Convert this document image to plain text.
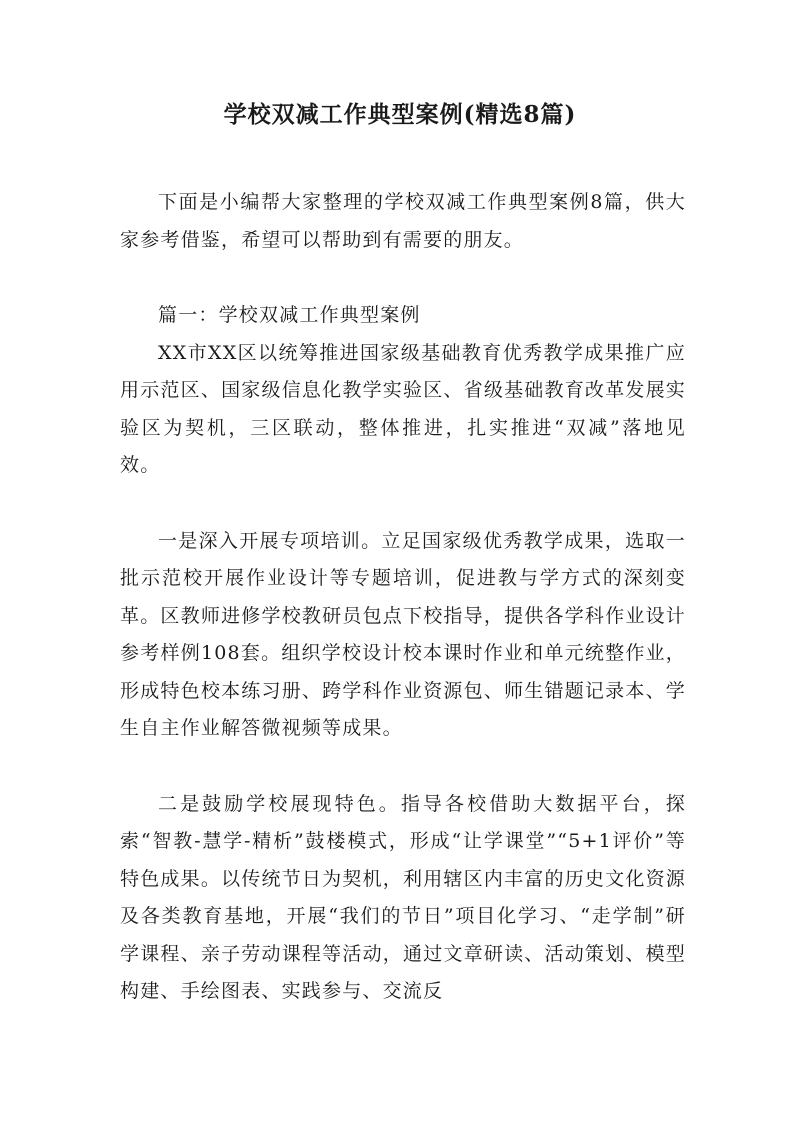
学校双减工作典型案例(精选8篇)

下面是小编帮大家整理的学校双减工作典型案例8篇，供大家参考借鉴，希望可以帮助到有需要的朋友。

篇一：学校双减工作典型案例

XX市XX区以统筹推进国家级基础教育优秀教学成果推广应用示范区、国家级信息化教学实验区、省级基础教育改革发展实验区为契机，三区联动，整体推进，扎实推进“双减”落地见效。

一是深入开展专项培训。立足国家级优秀教学成果，选取一批示范校开展作业设计等专题培训，促进教与学方式的深刻变革。区教师进修学校教研员包点下校指导，提供各学科作业设计参考样例108套。组织学校设计校本课时作业和单元统整作业，形成特色校本练习册、跨学科作业资源包、师生错题记录本、学生自主作业解答微视频等成果。

二是鼓励学校展现特色。指导各校借助大数据平台，探索“智教-慧学-精析”鼓楼模式，形成“让学课堂”“5+1评价”等特色成果。以传统节日为契机，利用辖区内丰富的历史文化资源及各类教育基地，开展“我们的节日”项目化学习、“走学制”研学课程、亲子劳动课程等活动，通过文章研读、活动策划、模型构建、手绘图表、实践参与、交流反
